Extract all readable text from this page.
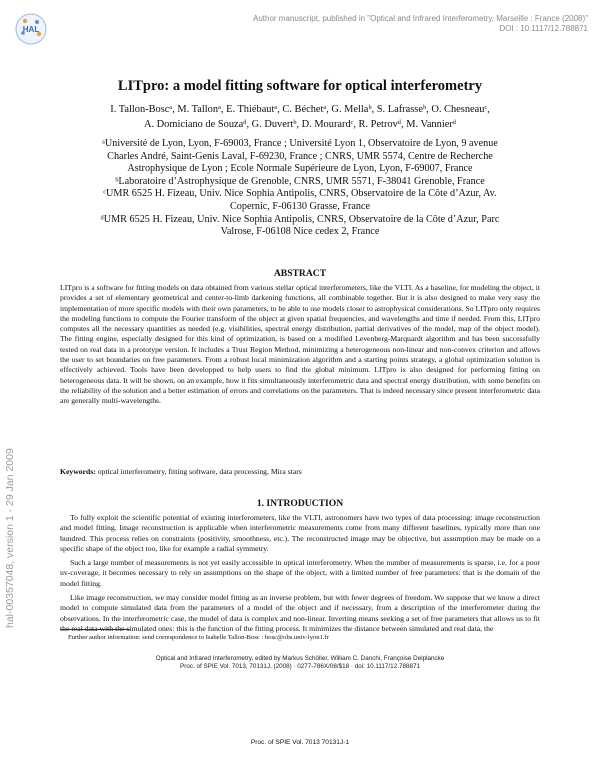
Author manuscript, published in "Optical and Infrared Interferometry, Marseille : France (2008)"
DOI : 10.1117/12.788871
HAL
hal-00357048, version 1 - 29 Jan 2009
LITpro: a model fitting software for optical interferometry
I. Tallon-Boscᵃ, M. Tallonᵃ, E. Thiébautᵃ, C. Béchetᵃ, G. Mellaᵇ, S. Lafrasseᵇ, O. Chesneauᶜ,
A. Domiciano de Souzaᵈ, G. Duvertᵇ, D. Mourardᶜ, R. Petrovᵈ, M. Vannierᵈ
ᵃUniversité de Lyon, Lyon, F-69003, France ; Université Lyon 1, Observatoire de Lyon, 9 avenue
Charles André, Saint-Genis Laval, F-69230, France ; CNRS, UMR 5574, Centre de Recherche
Astrophysique de Lyon ; Ecole Normale Supérieure de Lyon, Lyon, F-69007, France
ᵇLaboratoire d’Astrophysique de Grenoble, CNRS, UMR 5571, F-38041 Grenoble, France
ᶜUMR 6525 H. Fizeau, Univ. Nice Sophia Antipolis, CNRS, Observatoire de la Côte d’Azur, Av.
Copernic, F-06130 Grasse, France
ᵈUMR 6525 H. Fizeau, Univ. Nice Sophia Antipolis, CNRS, Observatoire de la Côte d’Azur, Parc
Valrose, F-06108 Nice cedex 2, France
ABSTRACT

LITpro is a software for fitting models on data obtained from various stellar optical interferometers, like the VLTI. As a baseline, for modeling the object, it provides a set of elementary geometrical and center-to-limb darkening functions, all combinable together. But it is also designed to make very easy the implementation of more specific models with their own parameters, to be able to use models closer to astrophysical considerations. So LITpro only requires the modeling functions to compute the Fourier transform of the object at given spatial frequencies, and wavelengths and time if needed. From this, LITpro computes all the necessary quantities as needed (e.g. visibilities, spectral energy distribution, partial derivatives of the model, map of the object model). The fitting engine, especially designed for this kind of optimization, is based on a modified Levenberg-Marquardt algorithm and has been successfully tested on real data in a prototype version. It includes a Trust Region Method, minimizing a heterogeneous non-linear and non-convex criterion and allows the user to set boundaries on free parameters. From a robust local minimization algorithm and a starting points strategy, a global optimization solution is effectively achieved. Tools have been developped to help users to find the global minimum. LITpro is also designed for performing fitting on heterogeneous data. It will be shown, on an example, how it fits simultaneously interferometric data and spectral energy distribution, with some benefits on the reliability of the solution and a better estimation of errors and correlations on the parameters. That is indeed necessary since present interferometric data are generally multi-wavelengths.

Keywords: optical interferometry, fitting software, data processing, Mira stars
1. INTRODUCTION

To fully exploit the scientific potential of existing interferometers, like the VLTI, astronomers have two types of data processing: image reconstruction and model fitting. Image reconstruction is applicable when interferometric measurements come from many different baselines, typically more than one hundred. This process relies on constraints (positivity, smoothness, etc.). The reconstructed image may be objective, but assumption may be made on a specific shape of the object too, like for example a radial symmetry.

Such a large number of measurements is not yet easily accessible in optical interferometry. When the number of measurements is sparse, i.e. for a poor uv-coverage, it becomes necessary to rely on assumptions on the shape of the object, with a limited number of free parameters: that is the domain of the model fitting.

Like image reconstruction, we may consider model fitting as an inverse problem, but with fewer degrees of freedom. We suppose that we know a direct model to compute simulated data from the parameters of a model of the object and if necessary, from a description of the interferometer during the observations. In the interferometric case, the model of data is complex and non-linear. Inverting means seeking a set of free parameters that allows us to fit the real data with the simulated ones: this is the function of the fitting process. It minimizes the distance between simulated and real data, the

Further author information: send correspondence to Isabelle Tallon-Bosc : bosc@obs.univ-lyon1.fr
Optical and Infrared Interferometry, edited by Markus Schöller, William C. Danchi, Françoise Delplancke
Proc. of SPIE Vol. 7013, 70131J, (2008) · 0277-786X/08/$18 · doi: 10.1117/12.788871
Proc. of SPIE Vol. 7013 70131J-1
